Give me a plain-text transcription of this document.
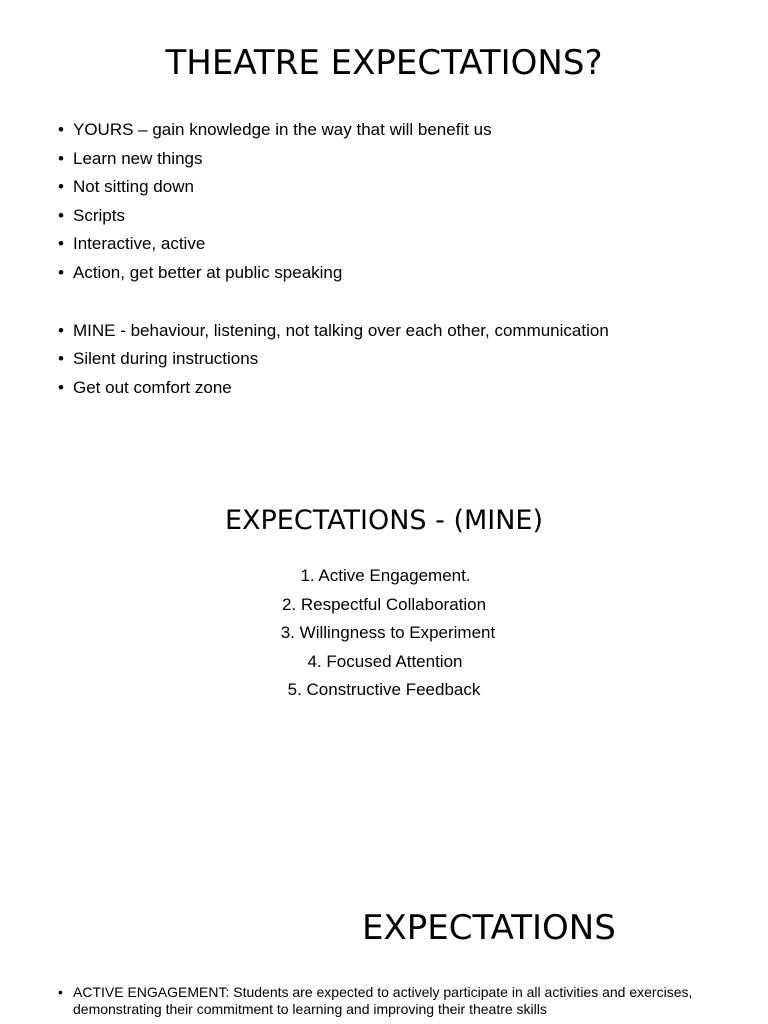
THEATRE EXPECTATIONS?
• YOURS – gain knowledge in the way that will benefit us
• Learn new things
• Not sitting down
• Scripts
• Interactive, active
• Action, get better at public speaking
• MINE - behaviour, listening, not talking over each other, communication
• Silent during instructions
• Get out comfort zone
EXPECTATIONS - (MINE)
1. Active Engagement.
2. Respectful Collaboration
3. Willingness to Experiment
4. Focused Attention
5. Constructive Feedback
EXPECTATIONS
• ACTIVE ENGAGEMENT: Students are expected to actively participate in all activities and exercises,
demonstrating their commitment to learning and improving their theatre skills
